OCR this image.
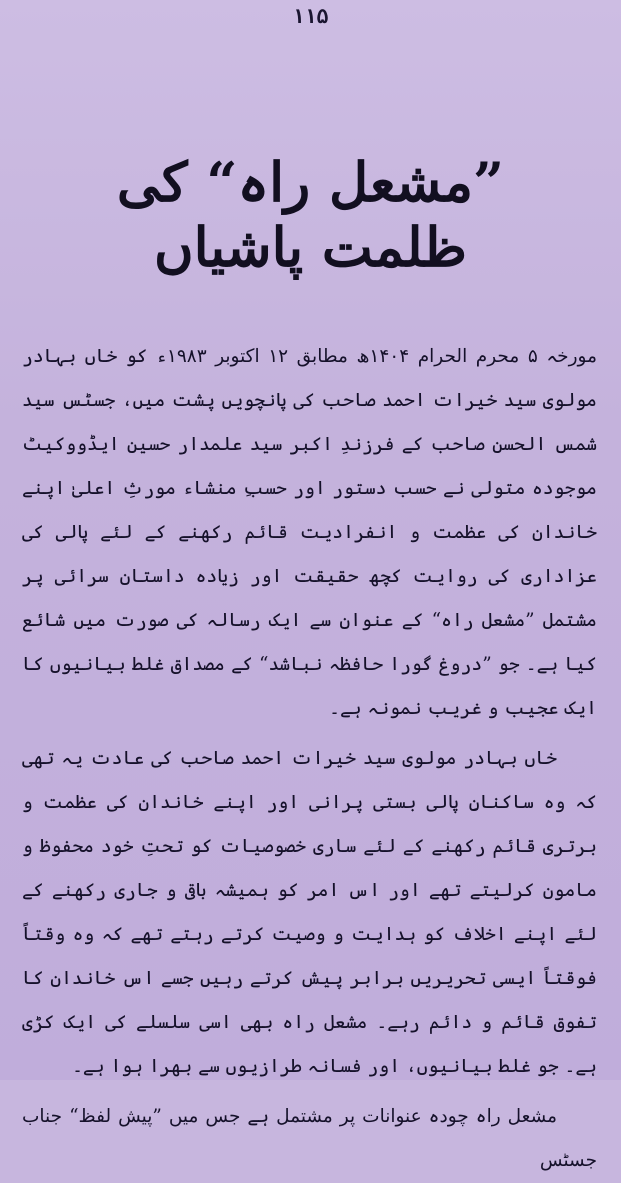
۱۱۵
”مشعل راہ“ کی ظلمت پاشیاں

مورخہ ۵ محرم الحرام ۱۴۰۴ھ مطابق ۱۲ اکتوبر ۱۹۸۳ء کو خاں بہادر مولوی سید خیرات احمد صاحب کی پانچویں پشت میں، جسٹس سید شمس الحسن صاحب کے فرزندِ اکبر سید علمدار حسین ایڈووکیٹ موجودہ متولی نے حسب دستور اور حسبِ منشاء مورثِ اعلیٰ اپنے خاندان کی عظمت و انفرادیت قائم رکھنے کے لئے پالی کی عزاداری کی روایت کچھ حقیقت اور زیادہ داستان سرائی پر مشتمل ”مشعل راہ“ کے عنوان سے ایک رسالہ کی صورت میں شائع کیا ہے۔ جو ”دروغ گورا حافظہ نباشد“ کے مصداق غلط بیانیوں کا ایک عجیب و غریب نمونہ ہے۔

خاں بہادر مولوی سید خیرات احمد صاحب کی عادت یہ تھی کہ وہ ساکنانِ پالی بستی پرانی اور اپنے خاندان کی عظمت و برتری قائم رکھنے کے لئے ساری خصوصیات کو تحتِ خود محفوظ و مامون کرلیتے تھے اور اس امر کو ہمیشہ باقی و جاری رکھنے کے لئے اپنے اخلاف کو ہدایت و وصیت کرتے رہتے تھے کہ وہ وقتاً فوقتاً ایسی تحریریں برابر پیش کرتے رہیں جسے اس خاندان کا تفوق قائم و دائم رہے۔ مشعل راہ بھی اسی سلسلے کی ایک کڑی ہے۔ جو غلط بیانیوں، اور فسانہ طرازیوں سے بھرا ہوا ہے۔

مشعل راہ چودہ عنوانات پر مشتمل ہے جس میں ”پیش لفظ“ جناب جسٹس
